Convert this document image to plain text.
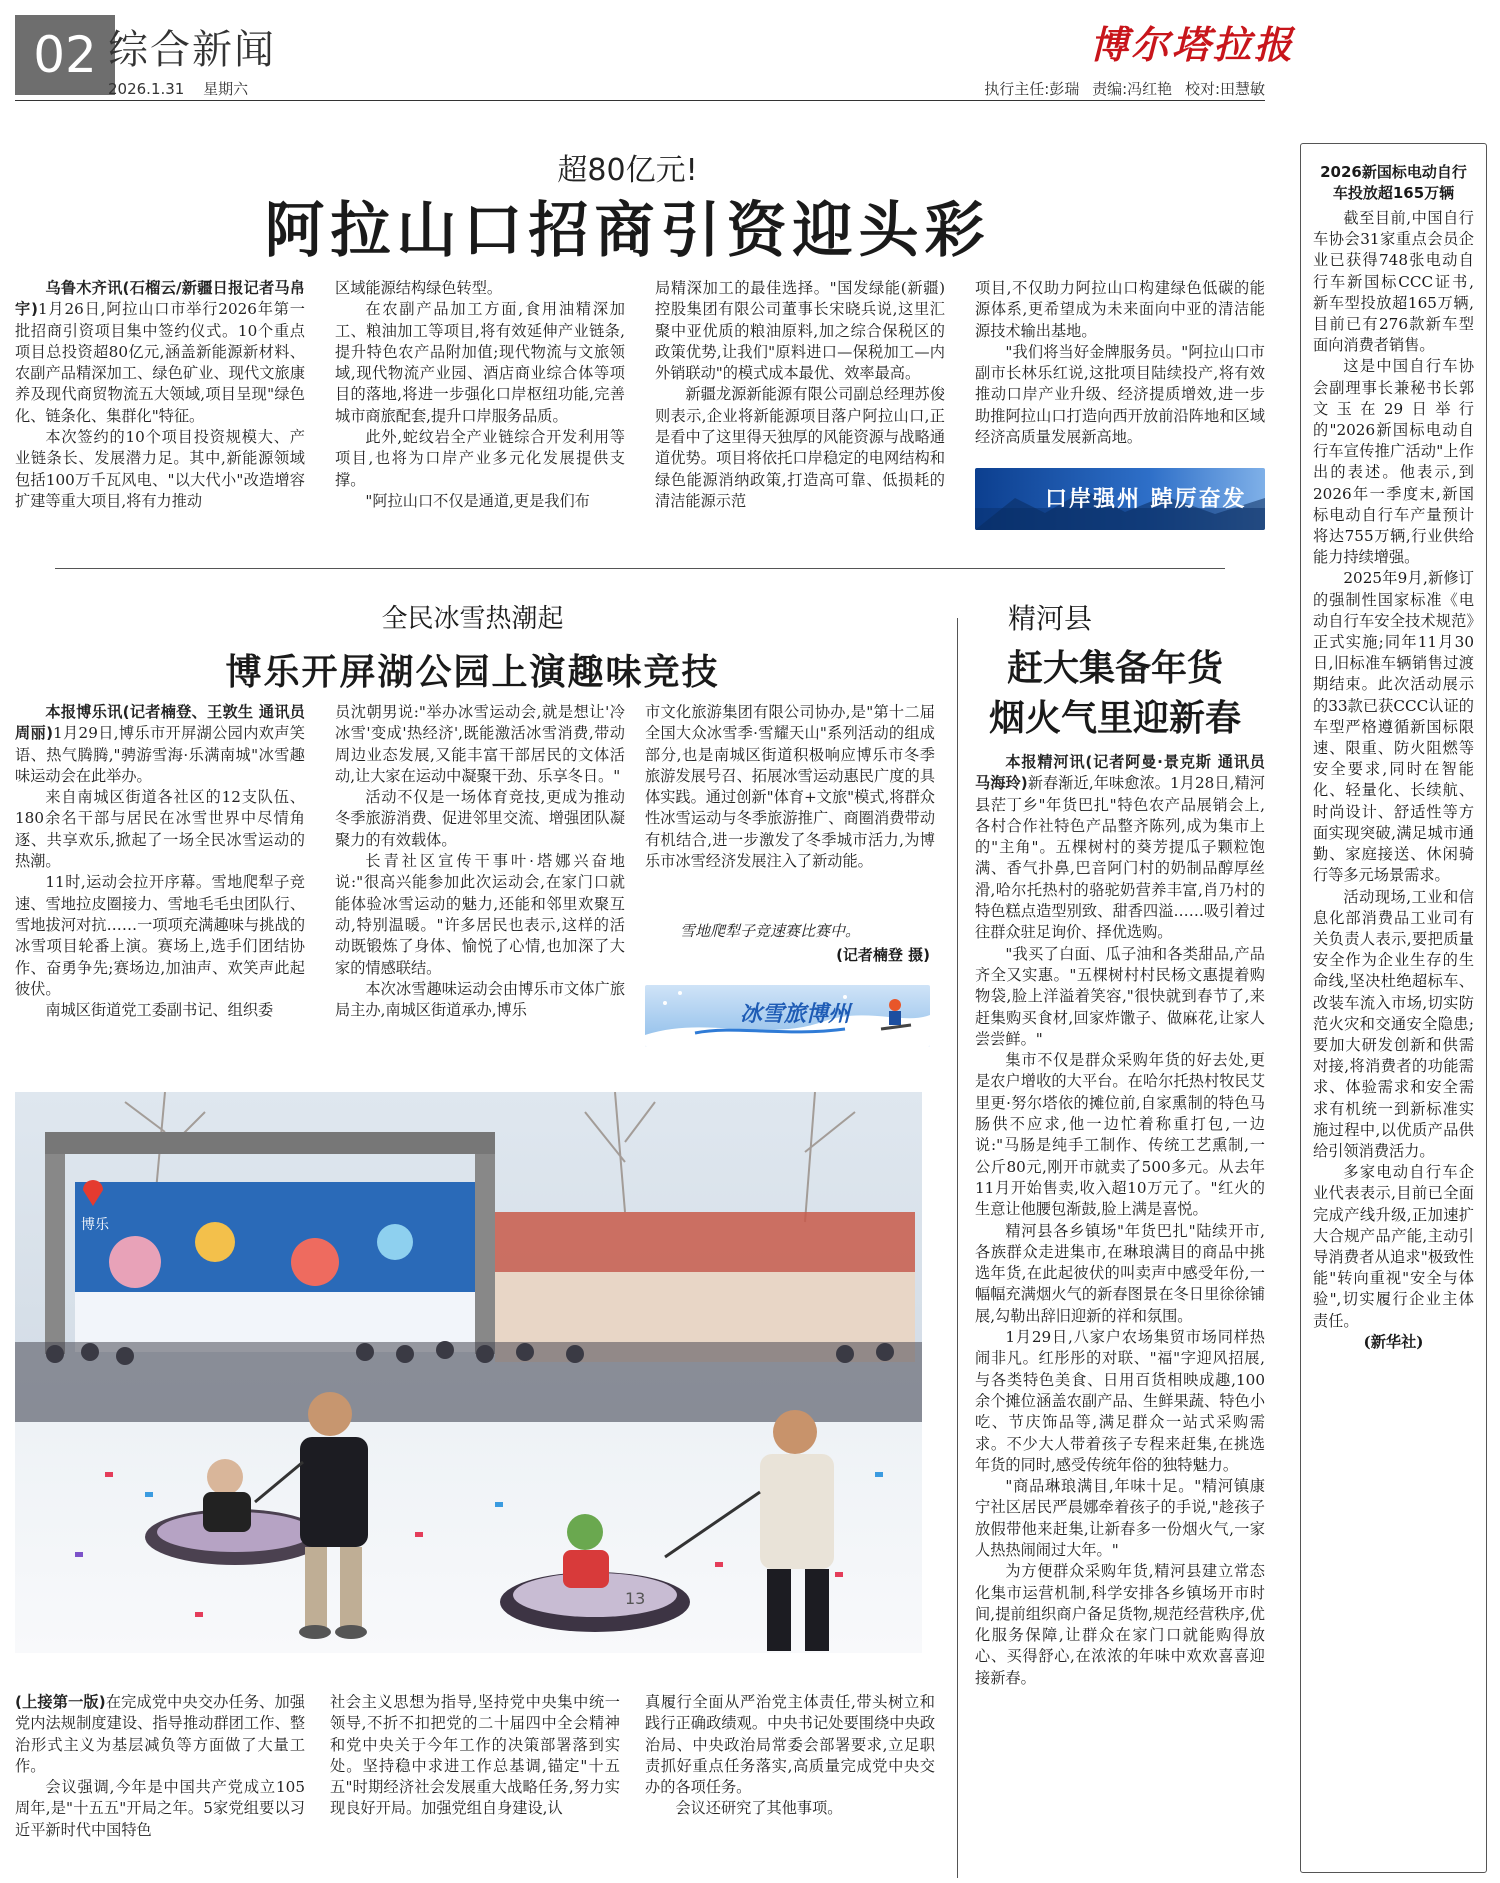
02 综合新闻
2026.1.31 星期六
博尔塔拉报
执行主任:彭瑞 责编:冯红艳 校对:田慧敏
超80亿元!
阿拉山口招商引资迎头彩

乌鲁木齐讯(石榴云/新疆日报记者马帛宇)1月26日,阿拉山口市举行2026年第一批招商引资项目集中签约仪式。10个重点项目总投资超80亿元,涵盖新能源新材料、农副产品精深加工、绿色矿业、现代文旅康养及现代商贸物流五大领域,项目呈现"绿色化、链条化、集群化"特征。

本次签约的10个项目投资规模大、产业链条长、发展潜力足。其中,新能源领域包括100万千瓦风电、"以大代小"改造增容扩建等重大项目,将有力推动

区域能源结构绿色转型。

在农副产品加工方面,食用油精深加工、粮油加工等项目,将有效延伸产业链条,提升特色农产品附加值;现代物流与文旅领域,现代物流产业园、酒店商业综合体等项目的落地,将进一步强化口岸枢纽功能,完善城市商旅配套,提升口岸服务品质。

此外,蛇纹岩全产业链综合开发利用等项目,也将为口岸产业多元化发展提供支撑。

"阿拉山口不仅是通道,更是我们布

局精深加工的最佳选择。"国发绿能(新疆)控股集团有限公司董事长宋晓兵说,这里汇聚中亚优质的粮油原料,加之综合保税区的政策优势,让我们"原料进口—保税加工—内外销联动"的模式成本最优、效率最高。

新疆龙源新能源有限公司副总经理苏俊则表示,企业将新能源项目落户阿拉山口,正是看中了这里得天独厚的风能资源与战略通道优势。项目将依托口岸稳定的电网结构和绿色能源消纳政策,打造高可靠、低损耗的清洁能源示范

项目,不仅助力阿拉山口构建绿色低碳的能源体系,更希望成为未来面向中亚的清洁能源技术输出基地。

"我们将当好金牌服务员。"阿拉山口市副市长林乐红说,这批项目陆续投产,将有效推动口岸产业升级、经济提质增效,进一步助推阿拉山口打造向西开放前沿阵地和区域经济高质量发展新高地。

口岸强州 踔厉奋发
全民冰雪热潮起
博乐开屏湖公园上演趣味竞技

本报博乐讯(记者楠登、王敦生 通讯员周丽)1月29日,博乐市开屏湖公园内欢声笑语、热气腾腾,"骋游雪海·乐满南城"冰雪趣味运动会在此举办。

来自南城区街道各社区的12支队伍、180余名干部与居民在冰雪世界中尽情角逐、共享欢乐,掀起了一场全民冰雪运动的热潮。

11时,运动会拉开序幕。雪地爬犁子竞速、雪地拉皮圈接力、雪地毛毛虫团队行、雪地拔河对抗……一项项充满趣味与挑战的冰雪项目轮番上演。赛场上,选手们团结协作、奋勇争先;赛场边,加油声、欢笑声此起彼伏。

南城区街道党工委副书记、组织委

员沈朝男说:"举办冰雪运动会,就是想让'冷冰雪'变成'热经济',既能激活冰雪消费,带动周边业态发展,又能丰富干部居民的文体活动,让大家在运动中凝聚干劲、乐享冬日。"

活动不仅是一场体育竞技,更成为推动冬季旅游消费、促进邻里交流、增强团队凝聚力的有效载体。

长青社区宣传干事叶·塔娜兴奋地说:"很高兴能参加此次运动会,在家门口就能体验冰雪运动的魅力,还能和邻里欢聚互动,特别温暖。"许多居民也表示,这样的活动既锻炼了身体、愉悦了心情,也加深了大家的情感联结。

本次冰雪趣味运动会由博乐市文体广旅局主办,南城区街道承办,博乐

市文化旅游集团有限公司协办,是"第十二届全国大众冰雪季·雪耀天山"系列活动的组成部分,也是南城区街道积极响应博乐市冬季旅游发展号召、拓展冰雪运动惠民广度的具体实践。通过创新"体育+文旅"模式,将群众性冰雪运动与冬季旅游推广、商圈消费带动有机结合,进一步激发了冬季城市活力,为博乐市冰雪经济发展注入了新动能。

雪地爬犁子竞速赛比赛中。
(记者楠登 摄)
冰雪旅博州
博乐
13
精河县
赶大集备年货
烟火气里迎新春

本报精河讯(记者阿曼·景克斯 通讯员马海玲)新春渐近,年味愈浓。1月28日,精河县茫丁乡"年货巴扎"特色农产品展销会上,各村合作社特色产品整齐陈列,成为集市上的"主角"。五棵树村的葵芳提瓜子颗粒饱满、香气扑鼻,巴音阿门村的奶制品醇厚丝滑,哈尔托热村的骆驼奶营养丰富,肖乃村的特色糕点造型别致、甜香四溢……吸引着过往群众驻足询价、择优选购。

"我买了白面、瓜子油和各类甜品,产品齐全又实惠。"五棵树村村民杨文惠提着购物袋,脸上洋溢着笑容,"很快就到春节了,来赶集购买食材,回家炸馓子、做麻花,让家人尝尝鲜。"

集市不仅是群众采购年货的好去处,更是农户增收的大平台。在哈尔托热村牧民艾里更·努尔塔依的摊位前,自家熏制的特色马肠供不应求,他一边忙着称重打包,一边说:"马肠是纯手工制作、传统工艺熏制,一公斤80元,刚开市就卖了500多元。从去年11月开始售卖,收入超10万元了。"红火的生意让他腰包渐鼓,脸上满是喜悦。

精河县各乡镇场"年货巴扎"陆续开市,各族群众走进集市,在琳琅满目的商品中挑选年货,在此起彼伏的叫卖声中感受年份,一幅幅充满烟火气的新春图景在冬日里徐徐铺展,勾勒出辞旧迎新的祥和氛围。

1月29日,八家户农场集贸市场同样热闹非凡。红彤彤的对联、"福"字迎风招展,与各类特色美食、日用百货相映成趣,100余个摊位涵盖农副产品、生鲜果蔬、特色小吃、节庆饰品等,满足群众一站式采购需求。不少大人带着孩子专程来赶集,在挑选年货的同时,感受传统年俗的独特魅力。

"商品琳琅满目,年味十足。"精河镇康宁社区居民严晨娜牵着孩子的手说,"趁孩子放假带他来赶集,让新春多一份烟火气,一家人热热闹闹过大年。"

为方便群众采购年货,精河县建立常态化集市运营机制,科学安排各乡镇场开市时间,提前组织商户备足货物,规范经营秩序,优化服务保障,让群众在家门口就能购得放心、买得舒心,在浓浓的年味中欢欢喜喜迎接新春。

(上接第一版)在完成党中央交办任务、加强党内法规制度建设、指导推动群团工作、整治形式主义为基层减负等方面做了大量工作。

会议强调,今年是中国共产党成立105周年,是"十五五"开局之年。5家党组要以习近平新时代中国特色

社会主义思想为指导,坚持党中央集中统一领导,不折不扣把党的二十届四中全会精神和党中央关于今年工作的决策部署落到实处。坚持稳中求进工作总基调,锚定"十五五"时期经济社会发展重大战略任务,努力实现良好开局。加强党组自身建设,认

真履行全面从严治党主体责任,带头树立和践行正确政绩观。中央书记处要围绕中央政治局、中央政治局常委会部署要求,立足职责抓好重点任务落实,高质量完成党中央交办的各项任务。

会议还研究了其他事项。

2026新国标电动自行车投放超165万辆

截至目前,中国自行车协会31家重点会员企业已获得748张电动自行车新国标CCC证书,新车型投放超165万辆,目前已有276款新车型面向消费者销售。

这是中国自行车协会副理事长兼秘书长郭文玉在29日举行的"2026新国标电动自行车宣传推广活动"上作出的表述。他表示,到2026年一季度末,新国标电动自行车产量预计将达755万辆,行业供给能力持续增强。

2025年9月,新修订的强制性国家标准《电动自行车安全技术规范》正式实施;同年11月30日,旧标准车辆销售过渡期结束。此次活动展示的33款已获CCC认证的车型严格遵循新国标限速、限重、防火阻燃等安全要求,同时在智能化、轻量化、长续航、时尚设计、舒适性等方面实现突破,满足城市通勤、家庭接送、休闲骑行等多元场景需求。

活动现场,工业和信息化部消费品工业司有关负责人表示,要把质量安全作为企业生存的生命线,坚决杜绝超标车、改装车流入市场,切实防范火灾和交通安全隐患;要加大研发创新和供需对接,将消费者的功能需求、体验需求和安全需求有机统一到新标准实施过程中,以优质产品供给引领消费活力。

多家电动自行车企业代表表示,目前已全面完成产线升级,正加速扩大合规产品产能,主动引导消费者从追求"极致性能"转向重视"安全与体验",切实履行企业主体责任。

(新华社)
